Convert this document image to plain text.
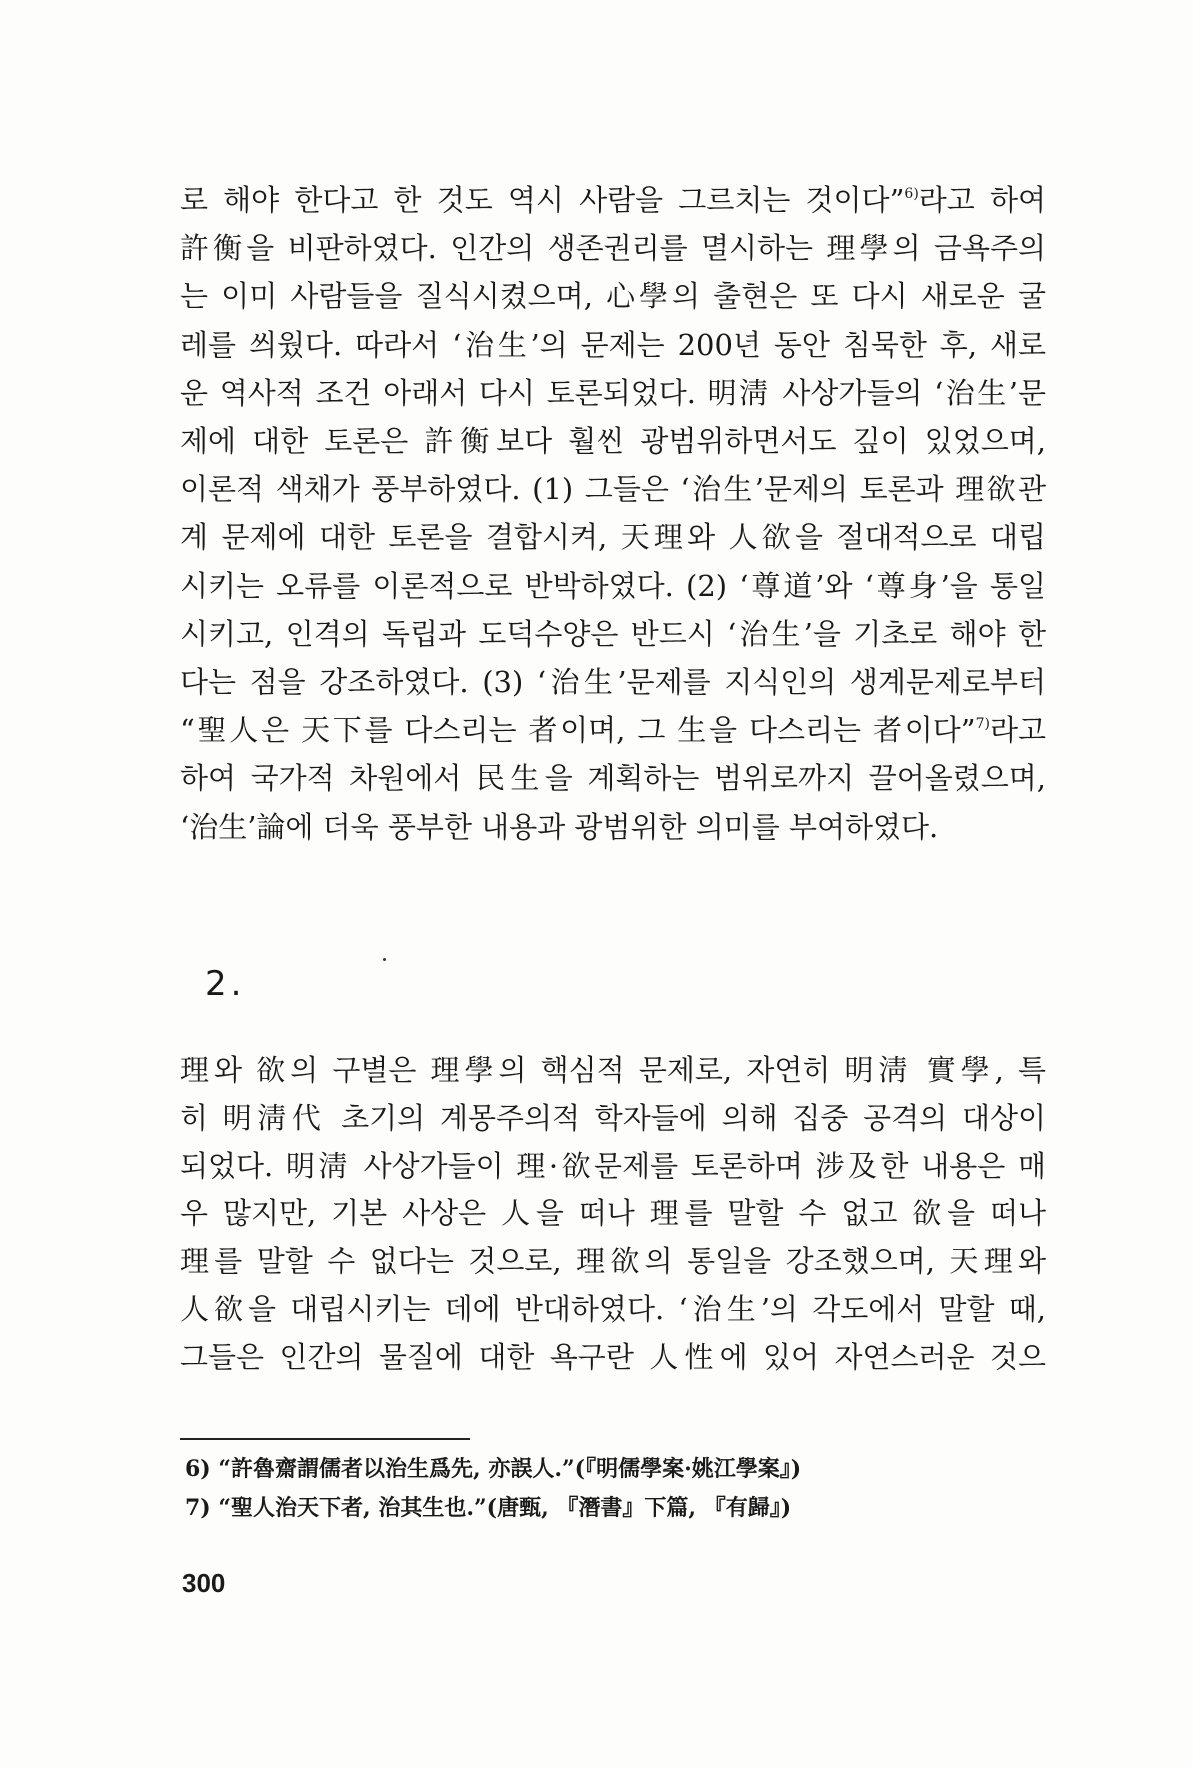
로 해야 한다고 한 것도 역시 사람을 그르치는 것이다”$^{6)}$라고 하여
許衡을 비판하였다. 인간의 생존권리를 멸시하는 理學의 금욕주의
는 이미 사람들을 질식시켰으며, 心學의 출현은 또 다시 새로운 굴
레를 씌웠다. 따라서 ‘治生’의 문제는 200년 동안 침묵한 후, 새로
운 역사적 조건 아래서 다시 토론되었다. 明淸 사상가들의 ‘治生’문
제에 대한 토론은 許衡보다 훨씬 광범위하면서도 깊이 있었으며,
이론적 색채가 풍부하였다. (1) 그들은 ‘治生’문제의 토론과 理欲관
계 문제에 대한 토론을 결합시켜, 天理와 人欲을 절대적으로 대립
시키는 오류를 이론적으로 반박하였다. (2) ‘尊道’와 ‘尊身’을 통일
시키고, 인격의 독립과 도덕수양은 반드시 ‘治生’을 기초로 해야 한
다는 점을 강조하였다. (3) ‘治生’문제를 지식인의 생계문제로부터
“聖人은 天下를 다스리는 者이며, 그 生을 다스리는 者이다”$^{7)}$라고
하여 국가적 차원에서 民生을 계획하는 범위로까지 끌어올렸으며,
‘治生’論에 더욱 풍부한 내용과 광범위한 의미를 부여하였다.
2.
理와 欲의 구별은 理學의 핵심적 문제로, 자연히 明淸 實學, 특
히 明淸代 초기의 계몽주의적 학자들에 의해 집중 공격의 대상이
되었다. 明淸 사상가들이 理·欲문제를 토론하며 涉及한 내용은 매
우 많지만, 기본 사상은 人을 떠나 理를 말할 수 없고 欲을 떠나
理를 말할 수 없다는 것으로, 理欲의 통일을 강조했으며, 天理와
人欲을 대립시키는 데에 반대하였다. ‘治生’의 각도에서 말할 때,
그들은 인간의 물질에 대한 욕구란 人性에 있어 자연스러운 것으
6) “許魯齋謂儒者以治生爲先, 亦誤人.”(『明儒學案·姚江學案』)
7) “聖人治天下者, 治其生也.”(唐甄, 『潛書』下篇, 『有歸』)
300
